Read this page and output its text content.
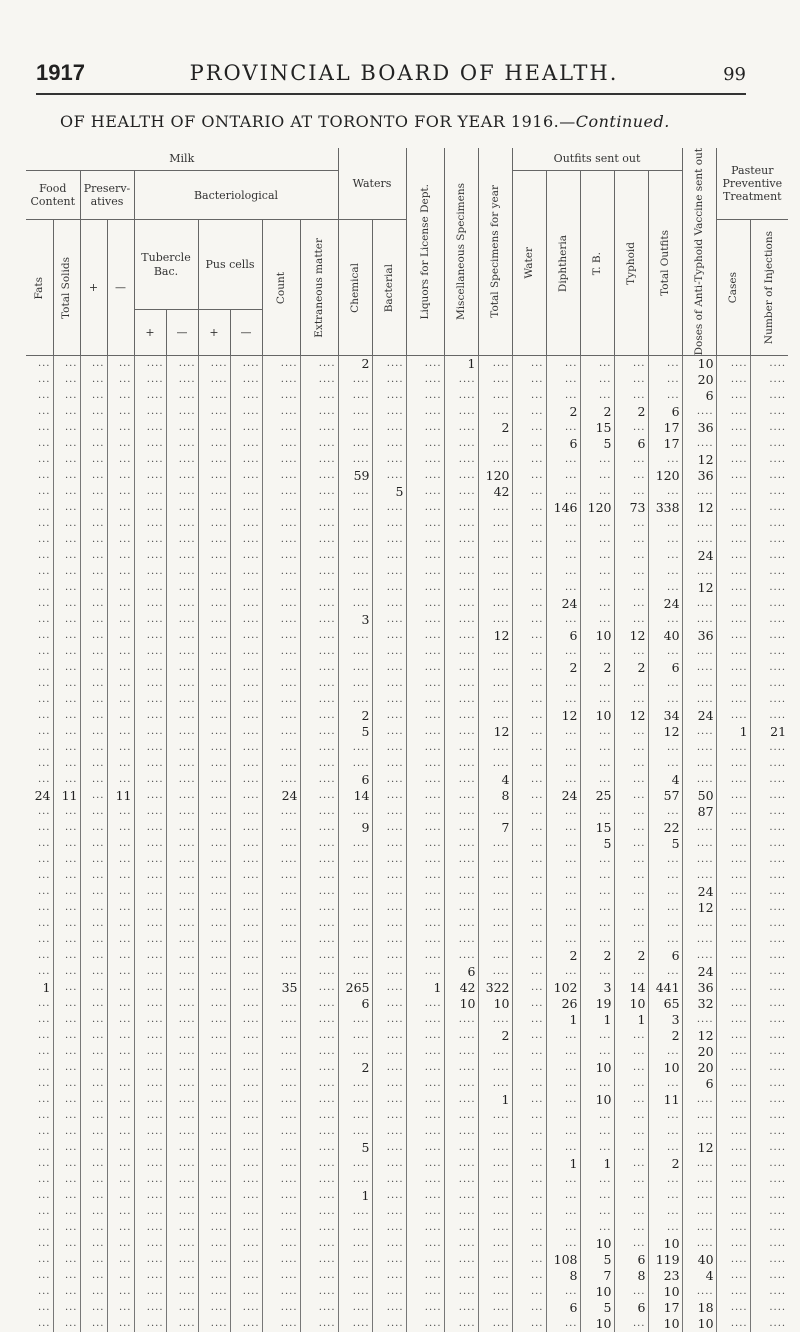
1917	PROVINCIAL BOARD OF HEALTH.	99
OF HEALTH OF ONTARIO AT TORONTO FOR YEAR 1916.—Continued.
Milk										Waters		Liquors for License Dept.	Miscellaneous Specimens	Total Specimens for year	Outfits sent out					Doses of Anti-Typhoid Vaccine sent out	Pasteur Preventive Treatment	
Food Content		Preserv- atives		Bacteriological											Water	Diphtheria	T. B.	Typhoid	Total Outfits			

Fats	Total Solids	+	—	Tubercle Bac.		Pus cells		Count	Extraneous matter	Chemical	Bacterial										Cases	Number of Injections

				+	—	+	—															
...	...	...	...	....	....	....	....	....	....	2	....	....	1	....	...	...	...	...	...	10	....	....
...	...	...	...	....	....	....	....	....	....	....	....	....	....	....	...	...	...	...	...	20	....	....
...	...	...	...	....	....	....	....	....	....	....	....	....	....	....	...	...	...	...	...	6	....	....
...	...	...	...	....	....	....	....	....	....	....	....	....	....	....	...	2	2	2	6	....	....	....
...	...	...	...	....	....	....	....	....	....	....	....	....	....	2	...	...	15	...	17	36	....	....
...	...	...	...	....	....	....	....	....	....	....	....	....	....	....	...	6	5	6	17	....	....	....
...	...	...	...	....	....	....	....	....	....	....	....	....	....	....	...	...	...	...	...	12	....	....
...	...	...	...	....	....	....	....	....	....	59	....	....	....	120	...	...	...	...	120	36	....	....
...	...	...	...	....	....	....	....	....	....	....	5	....	....	42	...	...	...	...	...	....	....	....
...	...	...	...	....	....	....	....	....	....	....	....	....	....	....	...	146	120	73	338	12	....	....
...	...	...	...	....	....	....	....	....	....	....	....	....	....	....	...	...	...	...	...	....	....	....
...	...	...	...	....	....	....	....	....	....	....	....	....	....	....	...	...	...	...	...	....	....	....
...	...	...	...	....	....	....	....	....	....	....	....	....	....	....	...	...	...	...	...	24	....	....
...	...	...	...	....	....	....	....	....	....	....	....	....	....	....	...	...	...	...	...	....	....	....
...	...	...	...	....	....	....	....	....	....	....	....	....	....	....	...	...	...	...	...	12	....	....
...	...	...	...	....	....	....	....	....	....	....	....	....	....	....	...	24	...	...	24	....	....	....
...	...	...	...	....	....	....	....	....	....	3	....	....	....	....	...	...	...	...	...	....	....	....
...	...	...	...	....	....	....	....	....	....	....	....	....	....	12	...	6	10	12	40	36	....	....
...	...	...	...	....	....	....	....	....	....	....	....	....	....	....	...	...	...	...	...	....	....	....
...	...	...	...	....	....	....	....	....	....	....	....	....	....	....	...	2	2	2	6	....	....	....
...	...	...	...	....	....	....	....	....	....	....	....	....	....	....	...	...	...	...	...	....	....	....
...	...	...	...	....	....	....	....	....	....	....	....	....	....	....	...	...	...	...	...	....	....	....
...	...	...	...	....	....	....	....	....	....	2	....	....	....	....	...	12	10	12	34	24	....	....
...	...	...	...	....	....	....	....	....	....	5	....	....	....	12	...	...	...	...	12	....	1	21
...	...	...	...	....	....	....	....	....	....	....	....	....	....	....	...	...	...	...	...	....	....	....
...	...	...	...	....	....	....	....	....	....	....	....	....	....	....	...	...	...	...	...	....	....	....
...	...	...	...	....	....	....	....	....	....	6	....	....	....	4	...	...	...	...	4	....	....	....
24	11	...	11	....	....	....	....	24	....	14	....	....	....	8	...	24	25	...	57	50	....	....
...	...	...	...	....	....	....	....	....	....	....	....	....	....	....	...	...	...	...	...	87	....	....
...	...	...	...	....	....	....	....	....	....	9	....	....	....	7	...	...	15	...	22	....	....	....
...	...	...	...	....	....	....	....	....	....	....	....	....	....	....	...	...	5	...	5	....	....	....
...	...	...	...	....	....	....	....	....	....	....	....	....	....	....	...	...	...	...	...	....	....	....
...	...	...	...	....	....	....	....	....	....	....	....	....	....	....	...	...	...	...	...	....	....	....
...	...	...	...	....	....	....	....	....	....	....	....	....	....	....	...	...	...	...	...	24	....	....
...	...	...	...	....	....	....	....	....	....	....	....	....	....	....	...	...	...	...	...	12	....	....
...	...	...	...	....	....	....	....	....	....	....	....	....	....	....	...	...	...	...	...	....	....	....
...	...	...	...	....	....	....	....	....	....	....	....	....	....	....	...	...	...	...	...	....	....	....
...	...	...	...	....	....	....	....	....	....	....	....	....	....	....	...	2	2	2	6	....	....	....
...	...	...	...	....	....	....	....	....	....	....	....	....	6	....	...	...	...	...	...	24	....	....
1	...	...	...	....	....	....	....	35	....	265	....	1	42	322	...	102	3	14	441	36	....	....
...	...	...	...	....	....	....	....	....	....	6	....	....	10	10	...	26	19	10	65	32	....	....
...	...	...	...	....	....	....	....	....	....	....	....	....	....	....	...	1	1	1	3	....	....	....
...	...	...	...	....	....	....	....	....	....	....	....	....	....	2	...	...	...	...	2	12	....	....
...	...	...	...	....	....	....	....	....	....	....	....	....	....	....	...	...	...	...	...	20	....	....
...	...	...	...	....	....	....	....	....	....	2	....	....	....	....	...	...	10	...	10	20	....	....
...	...	...	...	....	....	....	....	....	....	....	....	....	....	....	...	...	...	...	...	6	....	....
...	...	...	...	....	....	....	....	....	....	....	....	....	....	1	...	...	10	...	11	....	....	....
...	...	...	...	....	....	....	....	....	....	....	....	....	....	....	...	...	...	...	...	....	....	....
...	...	...	...	....	....	....	....	....	....	....	....	....	....	....	...	...	...	...	...	....	....	....
...	...	...	...	....	....	....	....	....	....	5	....	....	....	....	...	...	...	...	...	12	....	....
...	...	...	...	....	....	....	....	....	....	....	....	....	....	....	...	1	1	...	2	....	....	....
...	...	...	...	....	....	....	....	....	....	....	....	....	....	....	...	...	...	...	...	....	....	....
...	...	...	...	....	....	....	....	....	....	1	....	....	....	....	...	...	...	...	...	....	....	....
...	...	...	...	....	....	....	....	....	....	....	....	....	....	....	...	...	...	...	...	....	....	....
...	...	...	...	....	....	....	....	....	....	....	....	....	....	....	...	...	...	...	...	....	....	....
...	...	...	...	....	....	....	....	....	....	....	....	....	....	....	...	...	10	...	10	....	....	....
...	...	...	...	....	....	....	....	....	....	....	....	....	....	....	...	108	5	6	119	40	....	....
...	...	...	...	....	....	....	....	....	....	....	....	....	....	....	...	8	7	8	23	4	....	....
...	...	...	...	....	....	....	....	....	....	....	....	....	....	....	...	...	10	...	10	....	....	....
...	...	...	...	....	....	....	....	....	....	....	....	....	....	....	...	6	5	6	17	18	....	....
...	...	...	...	....	....	....	....	....	....	....	....	....	....	....	...	...	10	...	10	10	....	....
